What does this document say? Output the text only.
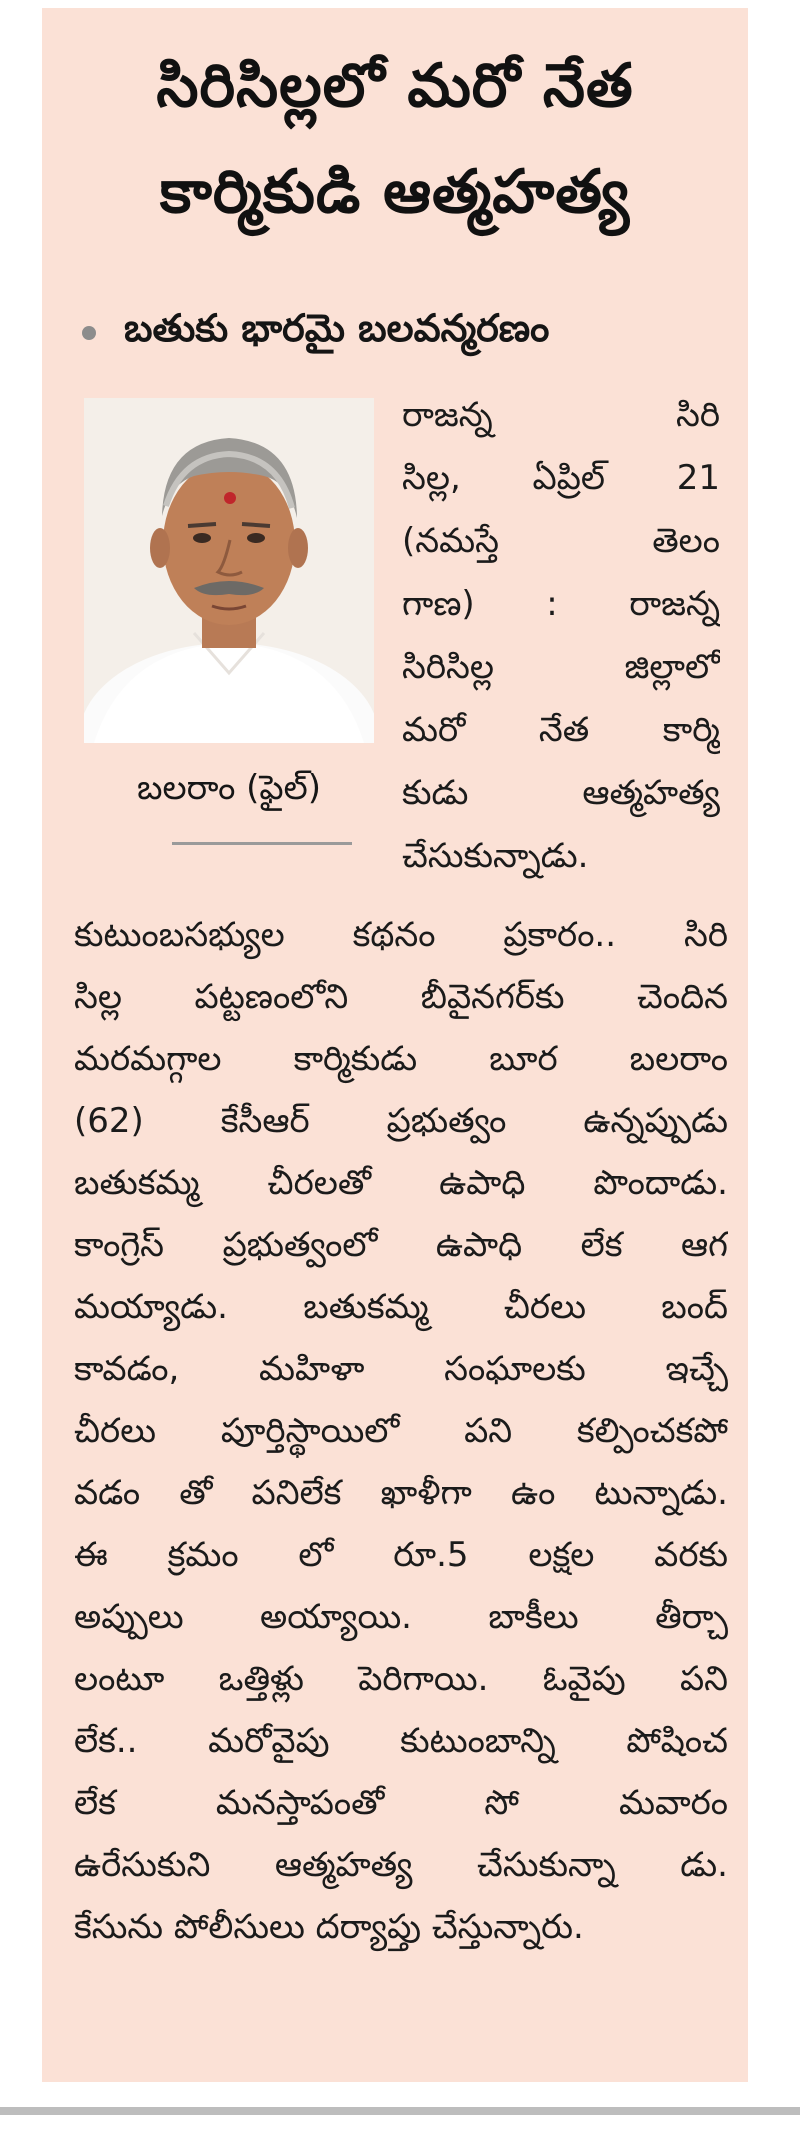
సిరిసిల్లలో మరో నేత
కార్మికుడి ఆత్మహత్య
బతుకు భారమై బలవన్మరణం
బలరాం (ఫైల్)
రాజన్న సిరి
సిల్ల, ఏప్రిల్ 21
(నమస్తే తెలం
గాణ) : రాజన్న
సిరిసిల్ల జిల్లాలో
మరో నేత కార్మి
కుడు ఆత్మహత్య
చేసుకున్నాడు.
కుటుంబసభ్యుల కథనం ప్రకారం.. సిరి
సిల్ల పట్టణంలోని బీవైనగర్‌కు చెందిన
మరమగ్గాల కార్మికుడు బూర బలరాం
(62) కేసీఆర్ ప్రభుత్వం ఉన్నప్పుడు
బతుకమ్మ చీరలతో ఉపాధి పొందాడు.
కాంగ్రెస్ ప్రభుత్వంలో ఉపాధి లేక ఆగ
మయ్యాడు. బతుకమ్మ చీరలు బంద్
కావడం, మహిళా సంఘాలకు ఇచ్చే
చీరలు పూర్తిస్థాయిలో పని కల్పించకపో
వడం తో పనిలేక ఖాళీగా ఉం టున్నాడు.
ఈ క్రమం లో రూ.5 లక్షల వరకు
అప్పులు అయ్యాయి. బాకీలు తీర్చా
లంటూ ఒత్తిళ్లు పెరిగాయి. ఓవైపు పని
లేక.. మరోవైపు కుటుంబాన్ని పోషించ
లేక మనస్తాపంతో సో మవారం
ఉరేసుకుని ఆత్మహత్య చేసుకున్నా డు.
కేసును పోలీసులు దర్యాప్తు చేస్తున్నారు.
